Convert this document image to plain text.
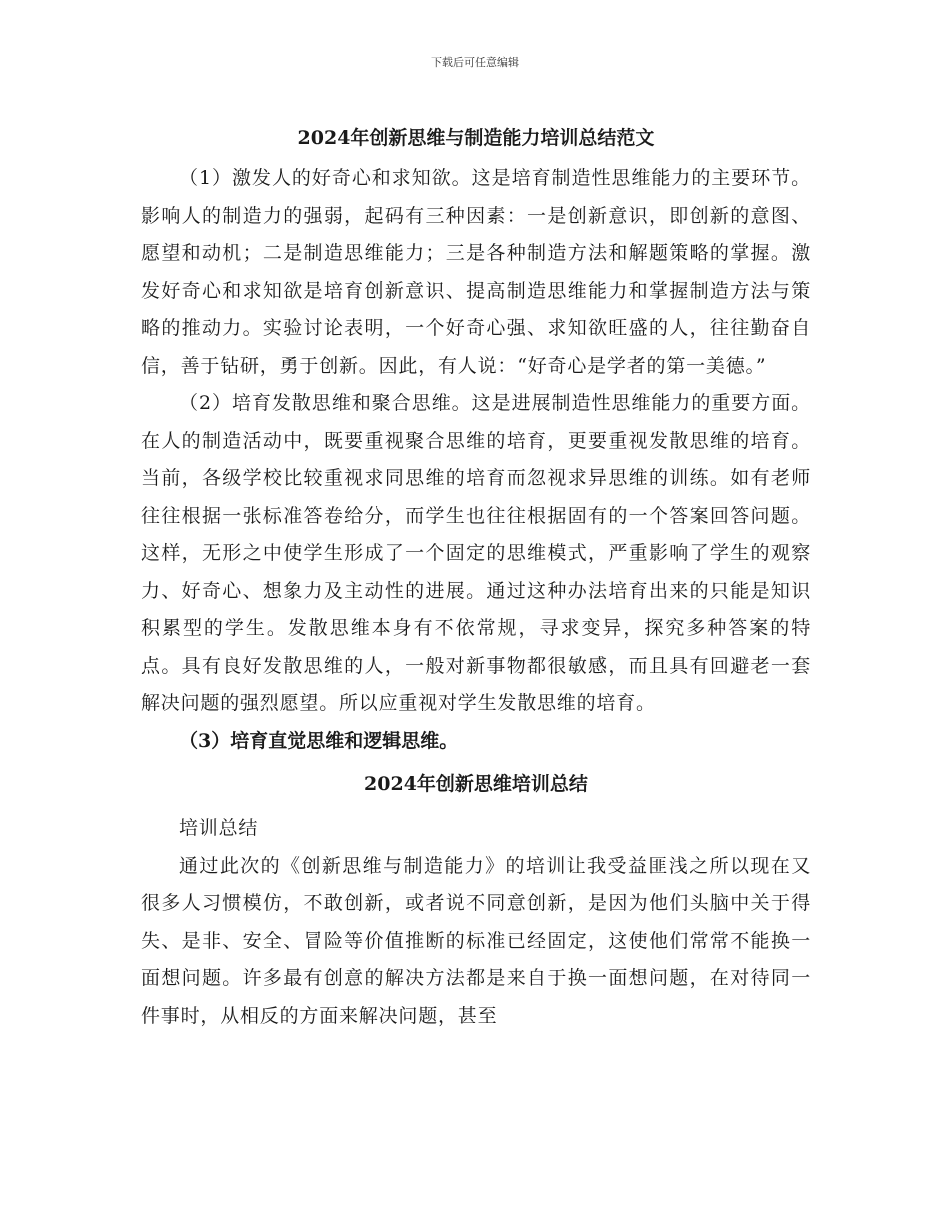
下载后可任意编辑
2024年创新思维与制造能力培训总结范文

（1）激发人的好奇心和求知欲。这是培育制造性思维能力的主要环节。影响人的制造力的强弱，起码有三种因素：一是创新意识，即创新的意图、愿望和动机；二是制造思维能力；三是各种制造方法和解题策略的掌握。激发好奇心和求知欲是培育创新意识、提高制造思维能力和掌握制造方法与策略的推动力。实验讨论表明，一个好奇心强、求知欲旺盛的人，往往勤奋自信，善于钻研，勇于创新。因此，有人说：“好奇心是学者的第一美德。”

（2）培育发散思维和聚合思维。这是进展制造性思维能力的重要方面。在人的制造活动中，既要重视聚合思维的培育，更要重视发散思维的培育。当前，各级学校比较重视求同思维的培育而忽视求异思维的训练。如有老师往往根据一张标准答卷给分，而学生也往往根据固有的一个答案回答问题。这样，无形之中使学生形成了一个固定的思维模式，严重影响了学生的观察力、好奇心、想象力及主动性的进展。通过这种办法培育出来的只能是知识积累型的学生。发散思维本身有不依常规，寻求变异，探究多种答案的特点。具有良好发散思维的人，一般对新事物都很敏感，而且具有回避老一套解决问题的强烈愿望。所以应重视对学生发散思维的培育。

（3）培育直觉思维和逻辑思维。

2024年创新思维培训总结

培训总结

通过此次的《创新思维与制造能力》的培训让我受益匪浅之所以现在又很多人习惯模仿，不敢创新，或者说不同意创新，是因为他们头脑中关于得失、是非、安全、冒险等价值推断的标准已经固定，这使他们常常不能换一面想问题。许多最有创意的解决方法都是来自于换一面想问题，在对待同一件事时，从相反的方面来解决问题，甚至
